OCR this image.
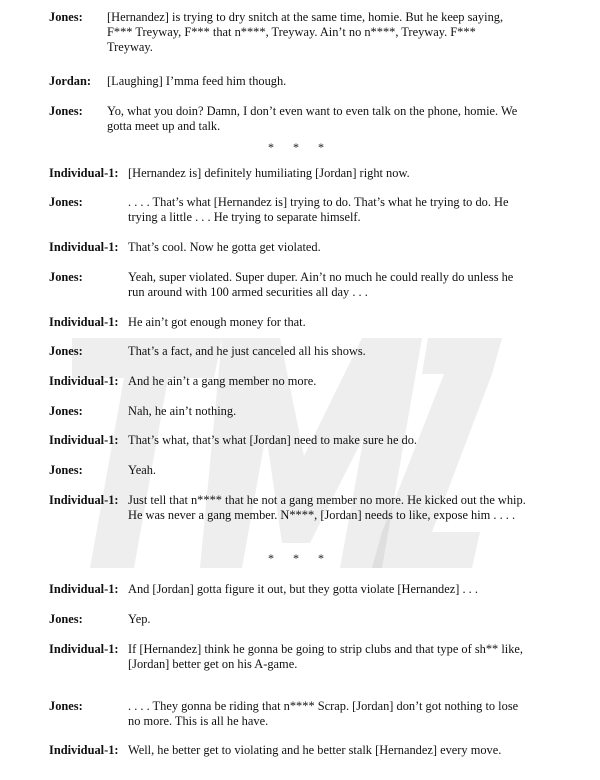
Jones: [Hernandez] is trying to dry snitch at the same time, homie. But he keep saying, F*** Treyway, F*** that n****, Treyway. Ain’t no n****, Treyway. F*** Treyway.
Jordan: [Laughing] I’mma feed him though.
Jones: Yo, what you doin? Damn, I don’t even want to even talk on the phone, homie. We gotta meet up and talk.
* * *
Individual-1: [Hernandez is] definitely humiliating [Jordan] right now.
Jones:	. . . . That’s what [Hernandez is] trying to do. That’s what he trying to do. He trying a little . . . He trying to separate himself.
Individual-1: That’s cool. Now he gotta get violated.
Jones:	Yeah, super violated. Super duper. Ain’t no much he could really do unless he run around with 100 armed securities all day . . .
Individual-1: He ain’t got enough money for that.
Jones:	That’s a fact, and he just canceled all his shows.
Individual-1: And he ain’t a gang member no more.
Jones:	Nah, he ain’t nothing.
Individual-1: That’s what, that’s what [Jordan] need to make sure he do.
Jones:	Yeah.
Individual-1: Just tell that n**** that he not a gang member no more. He kicked out the whip. He was never a gang member. N****, [Jordan] needs to like, expose him . . . .
* * *
Individual-1: And [Jordan] gotta figure it out, but they gotta violate [Hernandez] . . .
Jones:	Yep.
Individual-1: If [Hernandez] think he gonna be going to strip clubs and that type of sh** like, [Jordan] better get on his A-game.
Jones:	. . . . They gonna be riding that n**** Scrap. [Jordan] don’t got nothing to lose no more. This is all he have.
Individual-1: Well, he better get to violating and he better stalk [Hernandez] every move.
